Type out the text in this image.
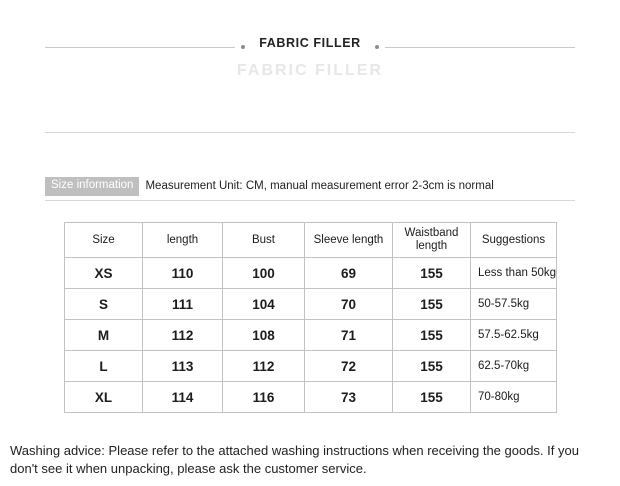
FABRIC FILLER
FABRIC FILLER
Size information	Measurement Unit: CM, manual measurement error 2-3cm is normal
Size	length	Bust	Sleeve length	Waistband length	Suggestions
XS	110	100	69	155	Less than 50kg
S	111	104	70	155	50-57.5kg
M	112	108	71	155	57.5-62.5kg
L	113	112	72	155	62.5-70kg
XL	114	116	73	155	70-80kg
Washing advice: Please refer to the attached washing instructions when receiving the goods. If you don't see it when unpacking, please ask the customer service.
